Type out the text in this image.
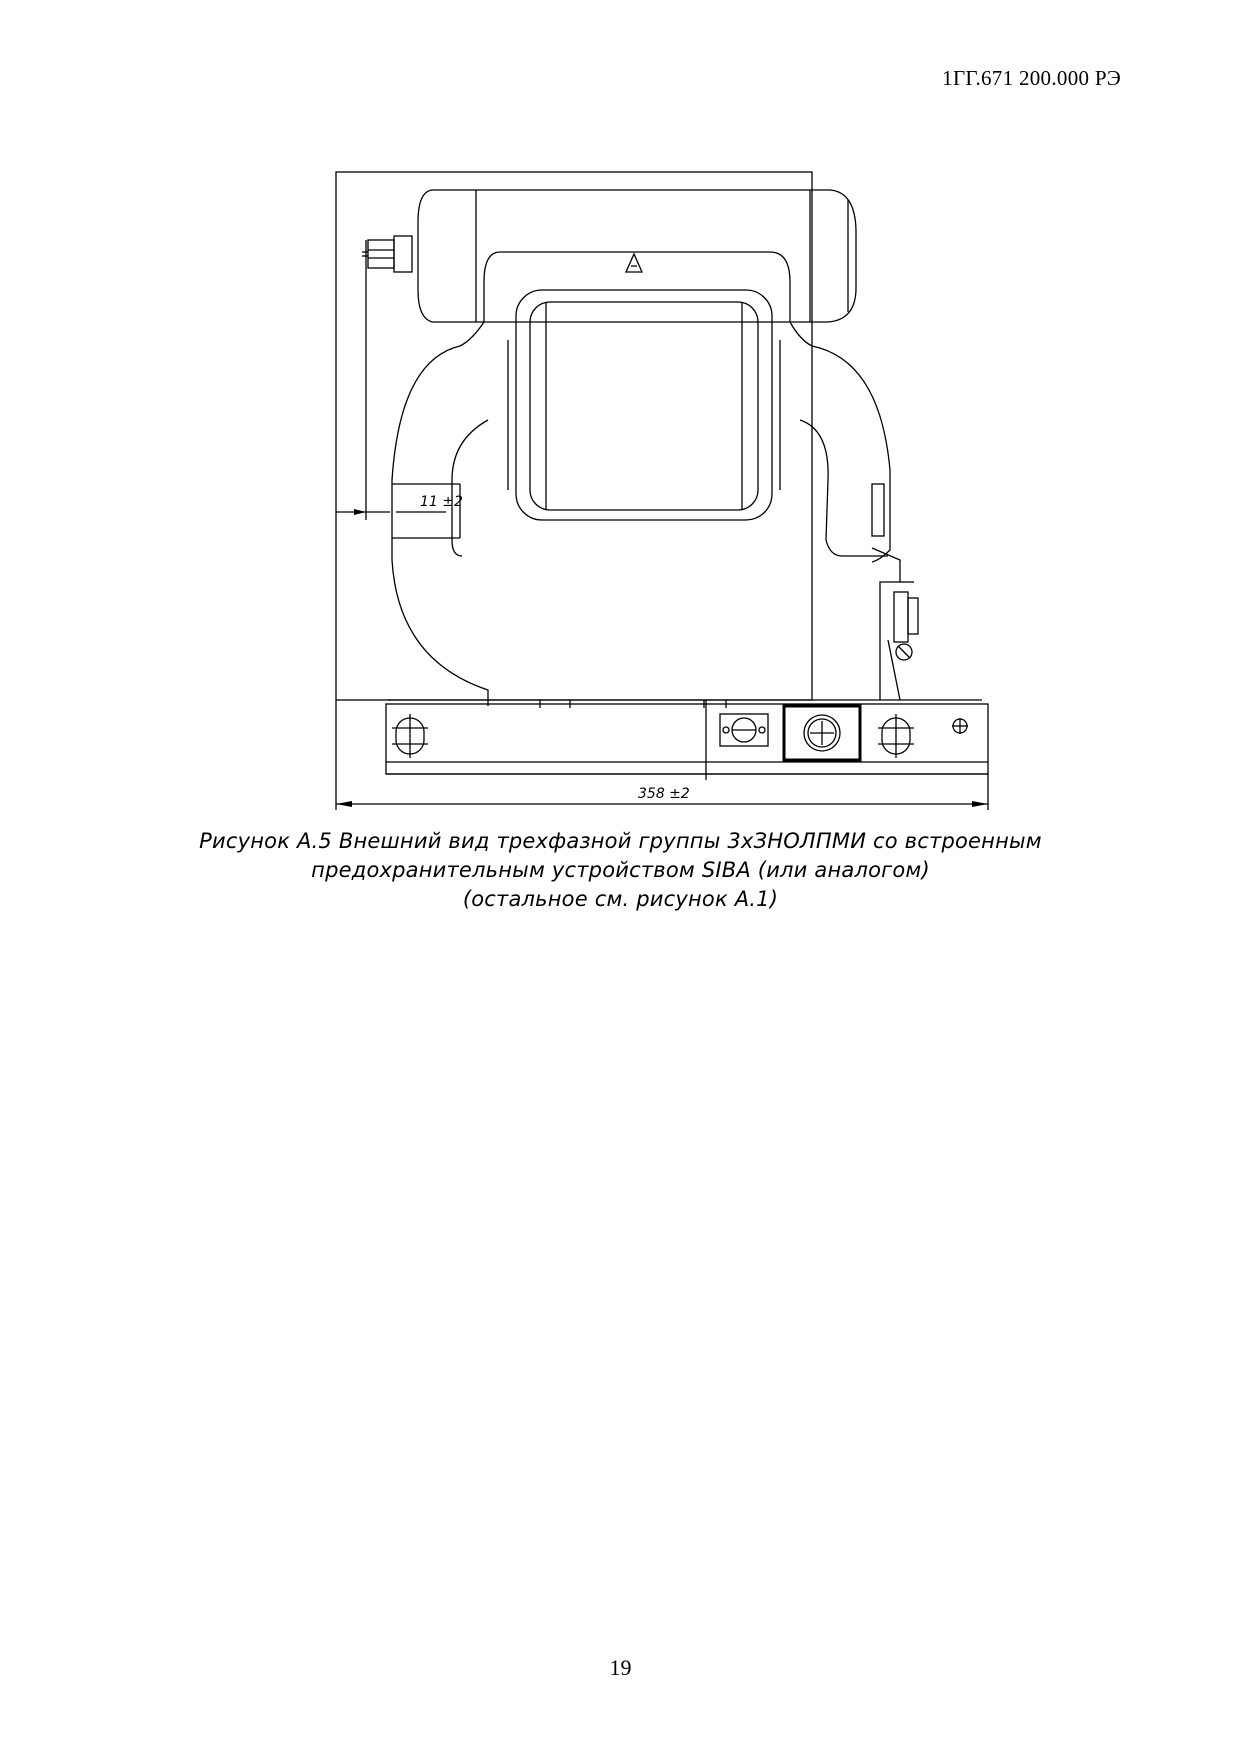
1ГГ.671 200.000 РЭ
11 ±2
358 ±2
Рисунок А.5 Внешний вид трехфазной группы 3хЗНОЛПМИ со встроенным
предохранительным устройством SIBA (или аналогом)
(остальное см. рисунок А.1)
19
